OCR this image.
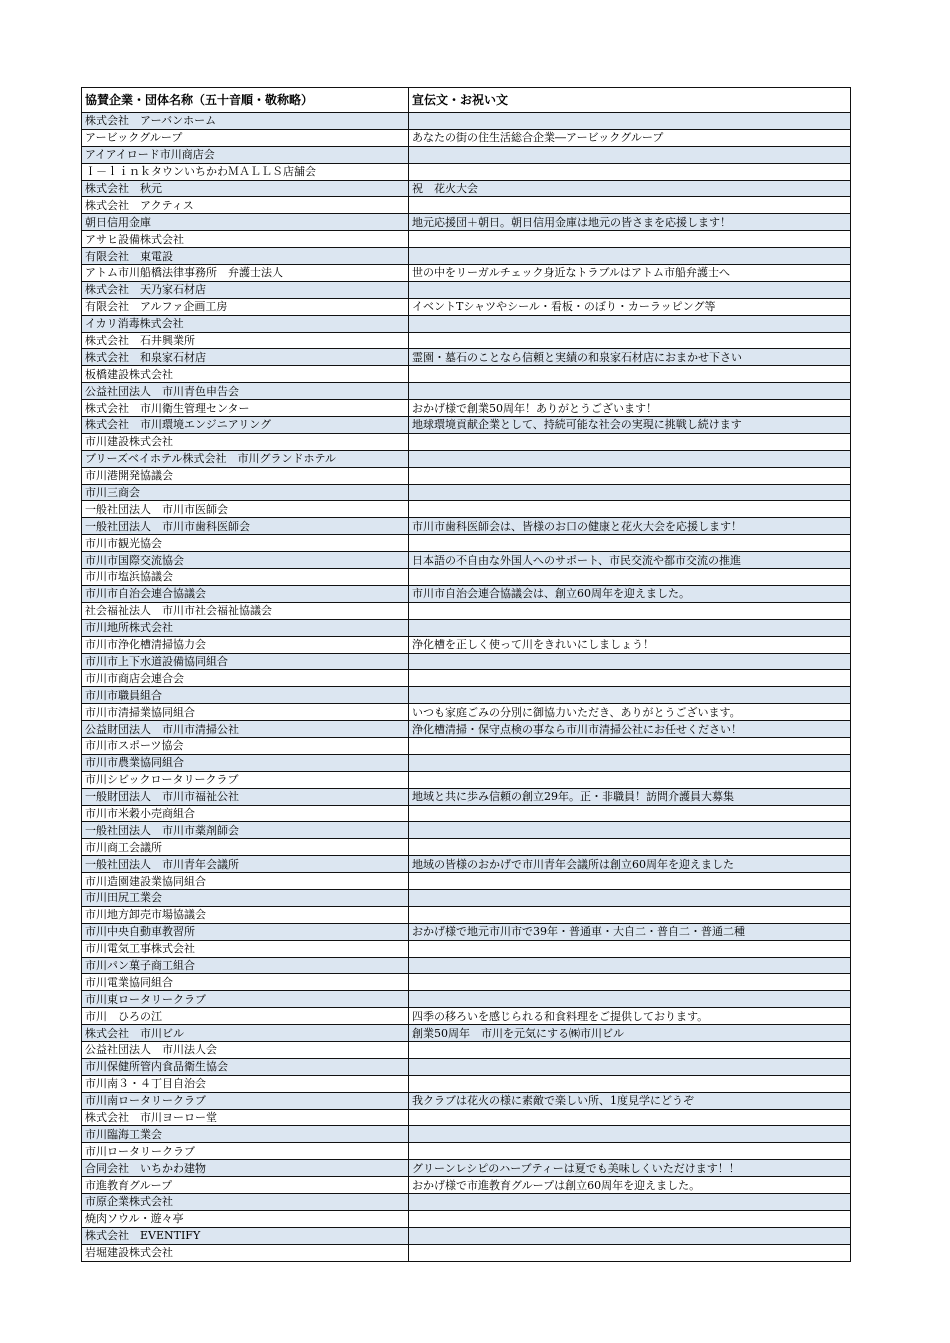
協賛企業・団体名称（五十音順・敬称略）	宣伝文・お祝い文
株式会社　アーバンホーム	
アービックグループ	あなたの街の住生活総合企業―アービックグループ
アイアイロード市川商店会	
Ｉ－ｌｉｎｋタウンいちかわＭＡＬＬＳ店舗会	
株式会社　秋元	祝　花火大会
株式会社　アクティス	
朝日信用金庫	地元応援団＋朝日。朝日信用金庫は地元の皆さまを応援します！
アサヒ設備株式会社	
有限会社　東電設	
アトム市川船橋法律事務所　弁護士法人	世の中をリーガルチェック身近なトラブルはアトム市船弁護士へ
株式会社　天乃家石材店	
有限会社　アルファ企画工房	イベントTシャツやシール・看板・のぼり・カーラッピング等
イカリ消毒株式会社	
株式会社　石井興業所	
株式会社　和泉家石材店	霊園・墓石のことなら信頼と実績の和泉家石材店におまかせ下さい
板橋建設株式会社	
公益社団法人　市川青色申告会	
株式会社　市川衛生管理センター	おかげ様で創業50周年！ありがとうございます！
株式会社　市川環境エンジニアリング	地球環境貢献企業として、持続可能な社会の実現に挑戦し続けます
市川建設株式会社	
ブリーズベイホテル株式会社　市川グランドホテル	
市川港開発協議会	
市川三商会	
一般社団法人　市川市医師会	
一般社団法人　市川市歯科医師会	市川市歯科医師会は、皆様のお口の健康と花火大会を応援します！
市川市観光協会	
市川市国際交流協会	日本語の不自由な外国人へのサポート、市民交流や都市交流の推進
市川市塩浜協議会	
市川市自治会連合協議会	市川市自治会連合協議会は、創立60周年を迎えました。
社会福祉法人　市川市社会福祉協議会	
市川地所株式会社	
市川市浄化槽清掃協力会	浄化槽を正しく使って川をきれいにしましょう！
市川市上下水道設備協同組合	
市川市商店会連合会	
市川市職員組合	
市川市清掃業協同組合	いつも家庭ごみの分別に御協力いただき、ありがとうございます。
公益財団法人　市川市清掃公社	浄化槽清掃・保守点検の事なら市川市清掃公社にお任せください！
市川市スポーツ協会	
市川市農業協同組合	
市川シビックロータリークラブ	
一般財団法人　市川市福祉公社	地域と共に歩み信頼の創立29年。正・非職員！訪問介護員大募集
市川市米穀小売商組合	
一般社団法人　市川市薬剤師会	
市川商工会議所	
一般社団法人　市川青年会議所	地域の皆様のおかげで市川青年会議所は創立60周年を迎えました
市川造園建設業協同組合	
市川田尻工業会	
市川地方卸売市場協議会	
市川中央自動車教習所	おかげ様で地元市川市で39年・普通車・大自二・普自二・普通二種
市川電気工事株式会社	
市川パン菓子商工組合	
市川電業協同組合	
市川東ロータリークラブ	
市川　ひろの江	四季の移ろいを感じられる和食料理をご提供しております。
株式会社　市川ビル	創業50周年　市川を元気にする㈱市川ビル
公益社団法人　市川法人会	
市川保健所管内食品衛生協会	
市川南３・４丁目自治会	
市川南ロータリークラブ	我クラブは花火の様に素敵で楽しい所、1度見学にどうぞ
株式会社　市川ヨーロー堂	
市川臨海工業会	
市川ロータリークラブ	
合同会社　いちかわ建物	グリーンレシピのハーブティーは夏でも美味しくいただけます！！
市進教育グループ	おかげ様で市進教育グループは創立60周年を迎えました。
市原企業株式会社	
焼肉ソウル・遊々亭	
株式会社　EVENTIFY	
岩堀建設株式会社	
